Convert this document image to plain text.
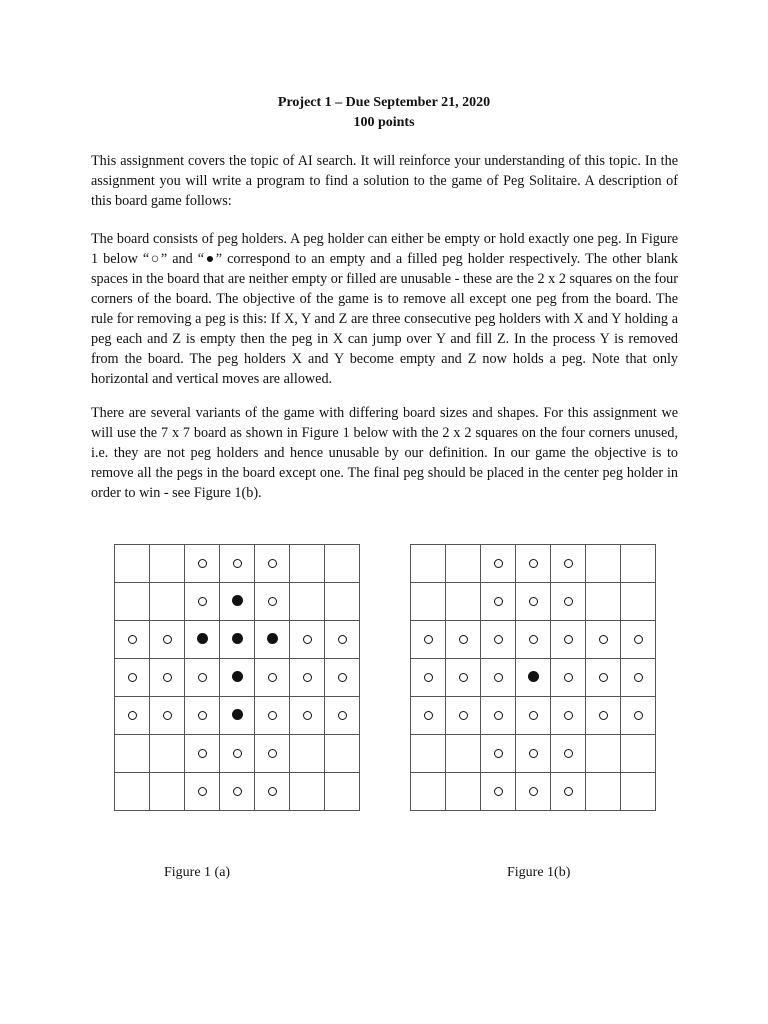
Project 1 – Due September 21, 2020
100 points

This assignment covers the topic of AI search. It will reinforce your understanding of this topic. In the assignment you will write a program to find a solution to the game of Peg Solitaire. A description of this board game follows:

The board consists of peg holders. A peg holder can either be empty or hold exactly one peg. In Figure 1 below “○” and “●” correspond to an empty and a filled peg holder respectively. The other blank spaces in the board that are neither empty or filled are unusable - these are the 2 x 2 squares on the four corners of the board. The objective of the game is to remove all except one peg from the board. The rule for removing a peg is this: If X, Y and Z are three consecutive peg holders with X and Y holding a peg each and Z is empty then the peg in X can jump over Y and fill Z. In the process Y is removed from the board. The peg holders X and Y become empty and Z now holds a peg. Note that only horizontal and vertical moves are allowed.

There are several variants of the game with differing board sizes and shapes. For this assignment we will use the 7 x 7 board as shown in Figure 1 below with the 2 x 2 squares on the four corners unused, i.e. they are not peg holders and hence unusable by our definition. In our game the objective is to remove all the pegs in the board except one. The final peg should be placed in the center peg holder in order to win - see Figure 1(b).

Figure 1 (a)	Figure 1(b)
